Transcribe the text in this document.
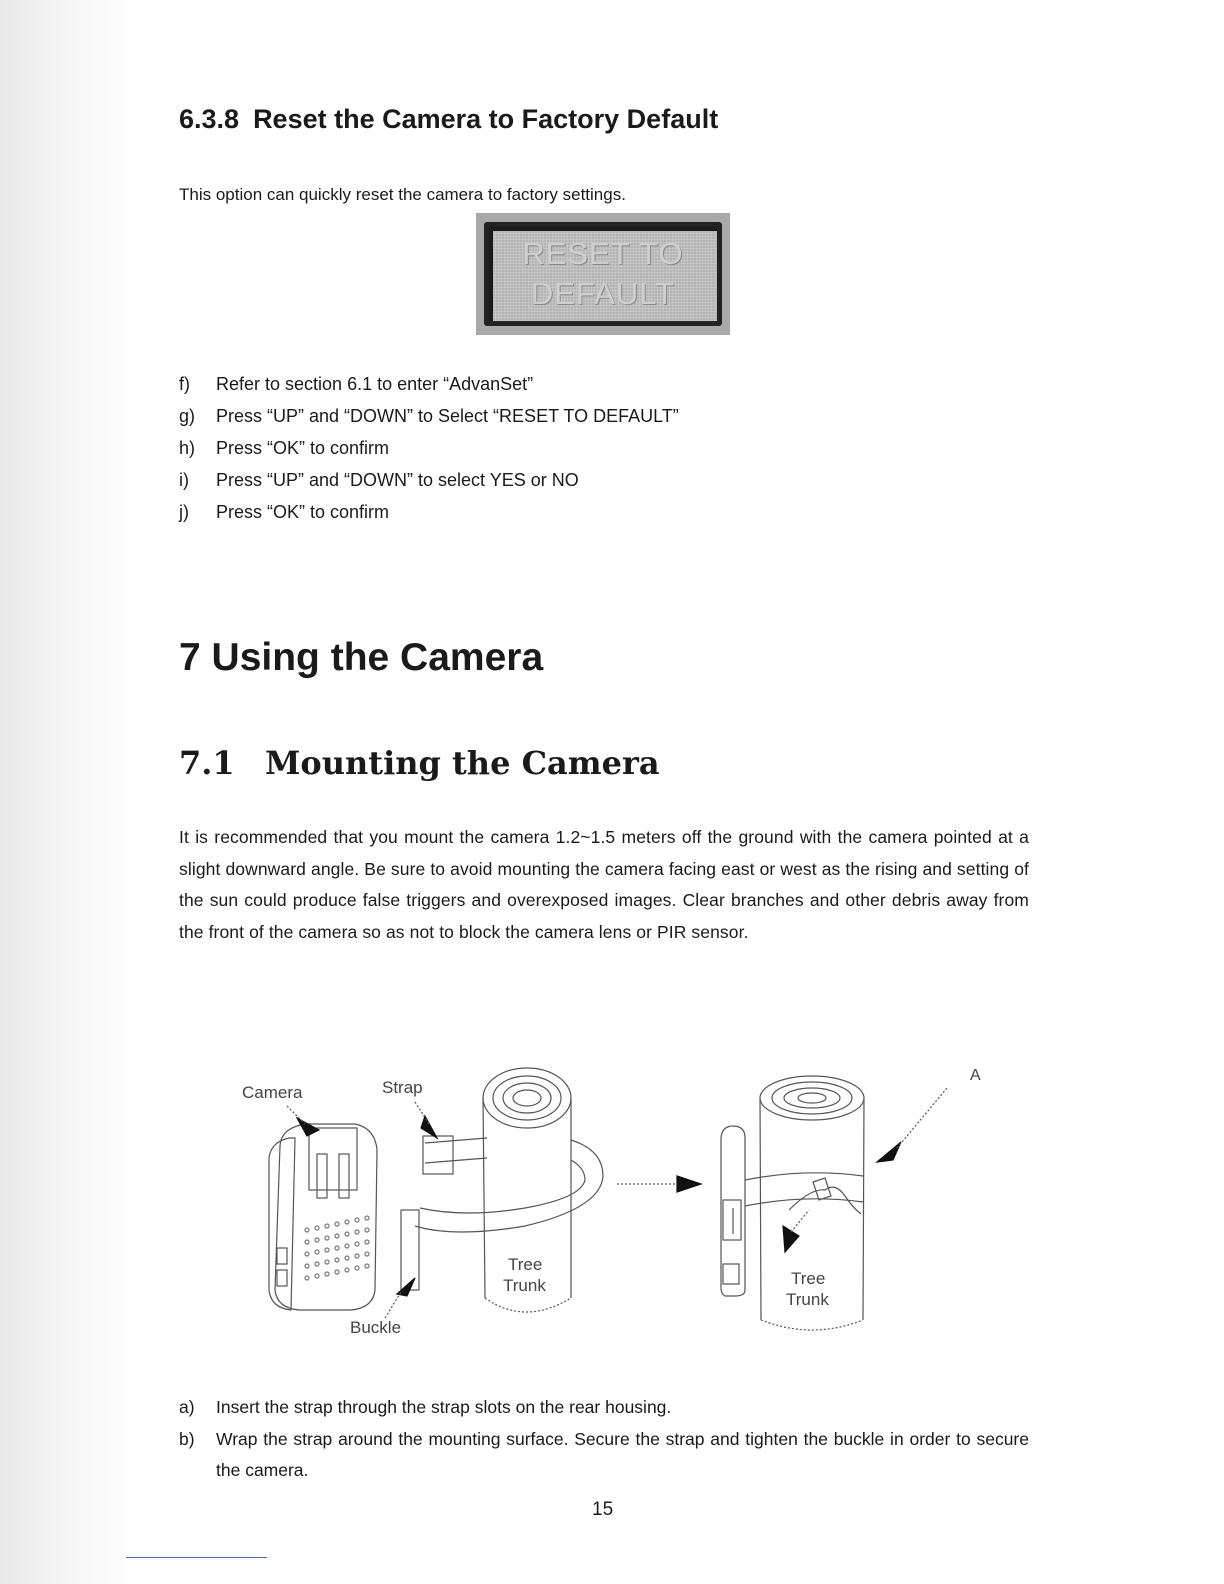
6.3.8 Reset the Camera to Factory Default
This option can quickly reset the camera to factory settings.
RESET TO
DEFAULT
f)	Refer to section 6.1 to enter “AdvanSet”
g)	Press “UP” and “DOWN” to Select “RESET TO DEFAULT”
h)	Press “OK” to confirm
i)	Press “UP” and “DOWN” to select YES or NO
j)	Press “OK” to confirm
7 Using the Camera
7.1 Mounting the Camera
It is recommended that you mount the camera 1.2~1.5 meters off the ground with the camera pointed at a slight downward angle. Be sure to avoid mounting the camera facing east or west as the rising and setting of the sun could produce false triggers and overexposed images. Clear branches and other debris away from the front of the camera so as not to block the camera lens or PIR sensor.
Camera	Strap
Buckle
Tree
Trunk	Tree
Trunk
A
a)	Insert the strap through the strap slots on the rear housing.
b)	Wrap the strap around the mounting surface. Secure the strap and tighten the buckle in order to secure the camera.
15
